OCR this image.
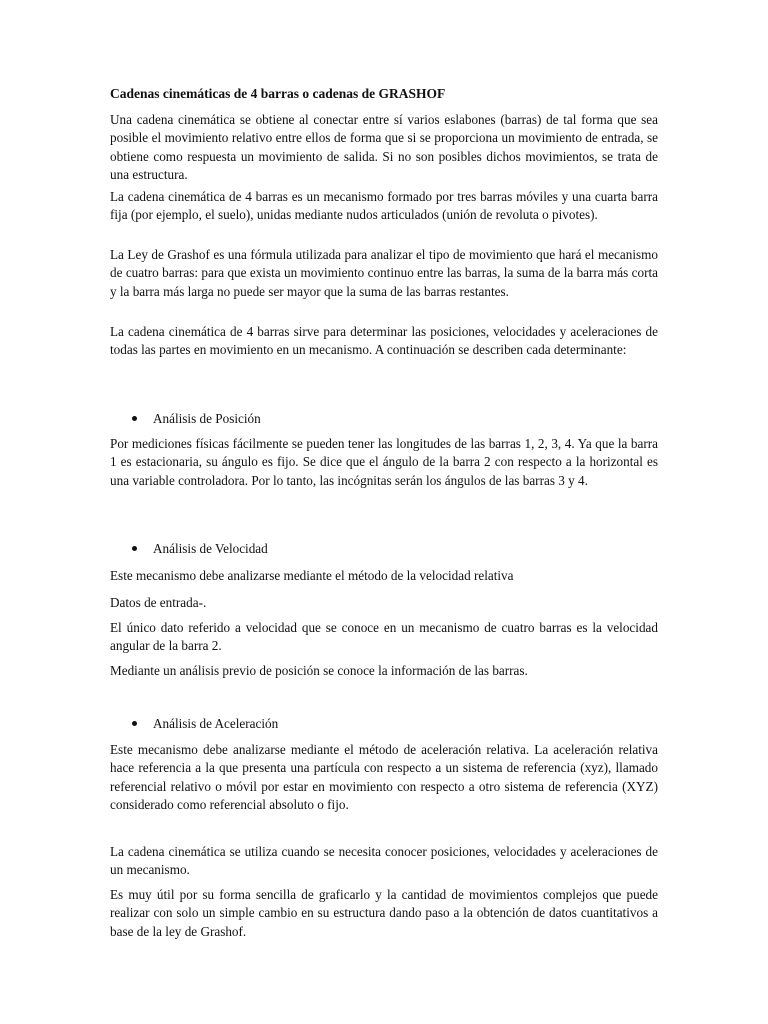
Cadenas cinemáticas de 4 barras o cadenas de GRASHOF

Una cadena cinemática se obtiene al conectar entre sí varios eslabones (barras) de tal forma que sea posible el movimiento relativo entre ellos de forma que si se proporciona un movimiento de entrada, se obtiene como respuesta un movimiento de salida. Si no son posibles dichos movimientos, se trata de una estructura.

La cadena cinemática de 4 barras es un mecanismo formado por tres barras móviles y una cuarta barra fija (por ejemplo, el suelo), unidas mediante nudos articulados (unión de revoluta o pivotes).

La Ley de Grashof es una fórmula utilizada para analizar el tipo de movimiento que hará el mecanismo de cuatro barras: para que exista un movimiento continuo entre las barras, la suma de la barra más corta y la barra más larga no puede ser mayor que la suma de las barras restantes.

La cadena cinemática de 4 barras sirve para determinar las posiciones, velocidades y aceleraciones de todas las partes en movimiento en un mecanismo. A continuación se describen cada determinante:

Análisis de Posición

Por mediciones físicas fácilmente se pueden tener las longitudes de las barras 1, 2, 3, 4. Ya que la barra 1 es estacionaria, su ángulo es fijo. Se dice que el ángulo de la barra 2 con respecto a la horizontal es una variable controladora. Por lo tanto, las incógnitas serán los ángulos de las barras 3 y 4.

Análisis de Velocidad

Este mecanismo debe analizarse mediante el método de la velocidad relativa

Datos de entrada-.

El único dato referido a velocidad que se conoce en un mecanismo de cuatro barras es la velocidad angular de la barra 2.

Mediante un análisis previo de posición se conoce la información de las barras.

Análisis de Aceleración

Este mecanismo debe analizarse mediante el método de aceleración relativa. La aceleración relativa hace referencia a la que presenta una partícula con respecto a un sistema de referencia (xyz), llamado referencial relativo o móvil por estar en movimiento con respecto a otro sistema de referencia (XYZ) considerado como referencial absoluto o fijo.

La cadena cinemática se utiliza cuando se necesita conocer posiciones, velocidades y aceleraciones de un mecanismo.

Es muy útil por su forma sencilla de graficarlo y la cantidad de movimientos complejos que puede realizar con solo un simple cambio en su estructura dando paso a la obtención de datos cuantitativos a base de la ley de Grashof.
